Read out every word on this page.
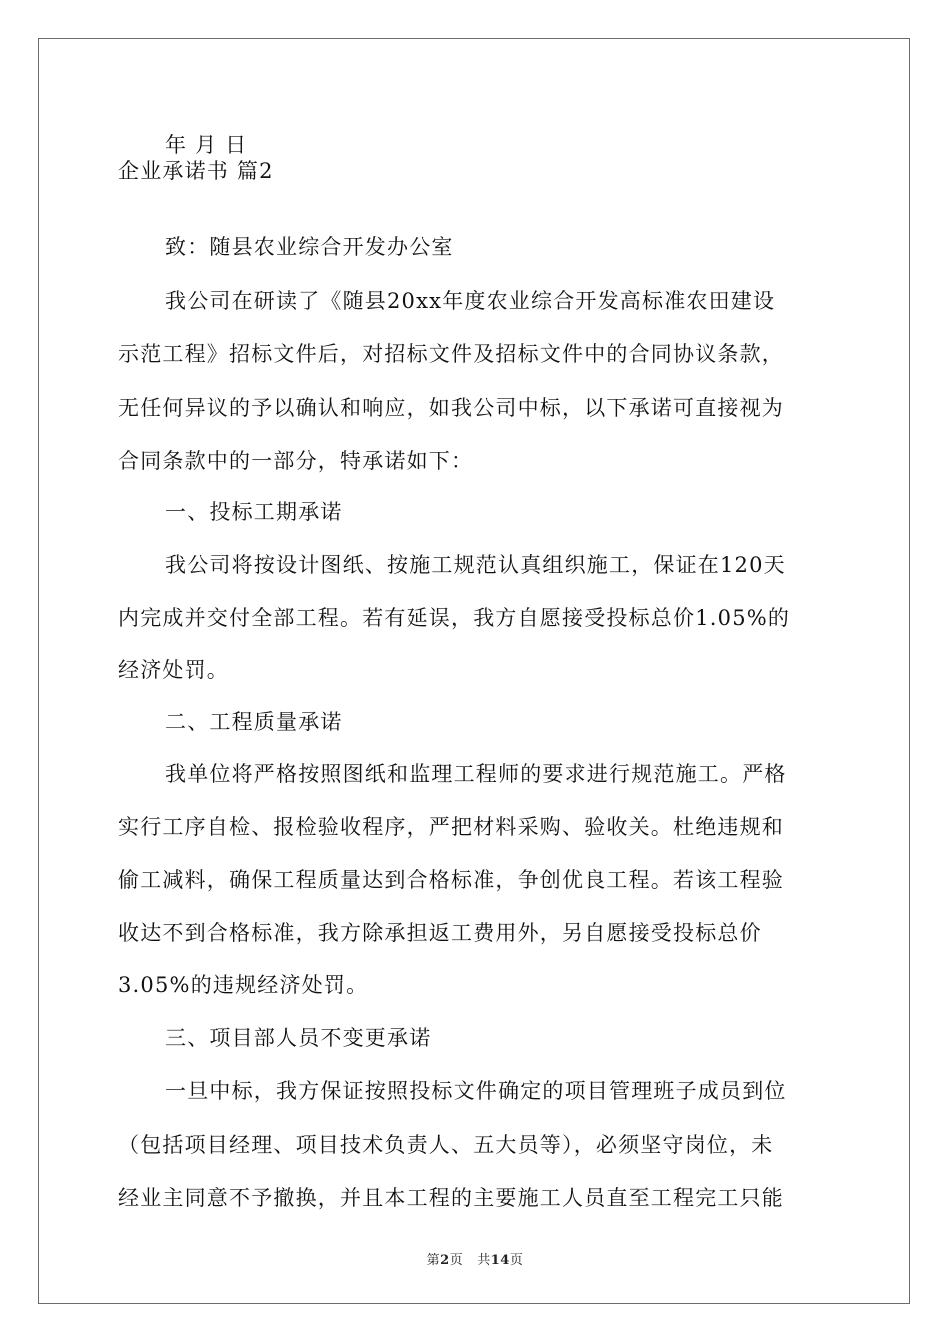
年 月 日
企业承诺书 篇2
致：随县农业综合开发办公室
我公司在研读了《随县20xx年度农业综合开发高标准农田建设
示范工程》招标文件后，对招标文件及招标文件中的合同协议条款，
无任何异议的予以确认和响应，如我公司中标，以下承诺可直接视为
合同条款中的一部分，特承诺如下：
一、投标工期承诺
我公司将按设计图纸、按施工规范认真组织施工，保证在120天
内完成并交付全部工程。若有延误，我方自愿接受投标总价1.05%的
经济处罚。
二、工程质量承诺
我单位将严格按照图纸和监理工程师的要求进行规范施工。严格
实行工序自检、报检验收程序，严把材料采购、验收关。杜绝违规和
偷工减料，确保工程质量达到合格标准，争创优良工程。若该工程验
收达不到合格标准，我方除承担返工费用外，另自愿接受投标总价
3.05%的违规经济处罚。
三、项目部人员不变更承诺
一旦中标，我方保证按照投标文件确定的项目管理班子成员到位
（包括项目经理、项目技术负责人、五大员等），必须坚守岗位，未
经业主同意不予撤换，并且本工程的主要施工人员直至工程完工只能
第2页 共14页
